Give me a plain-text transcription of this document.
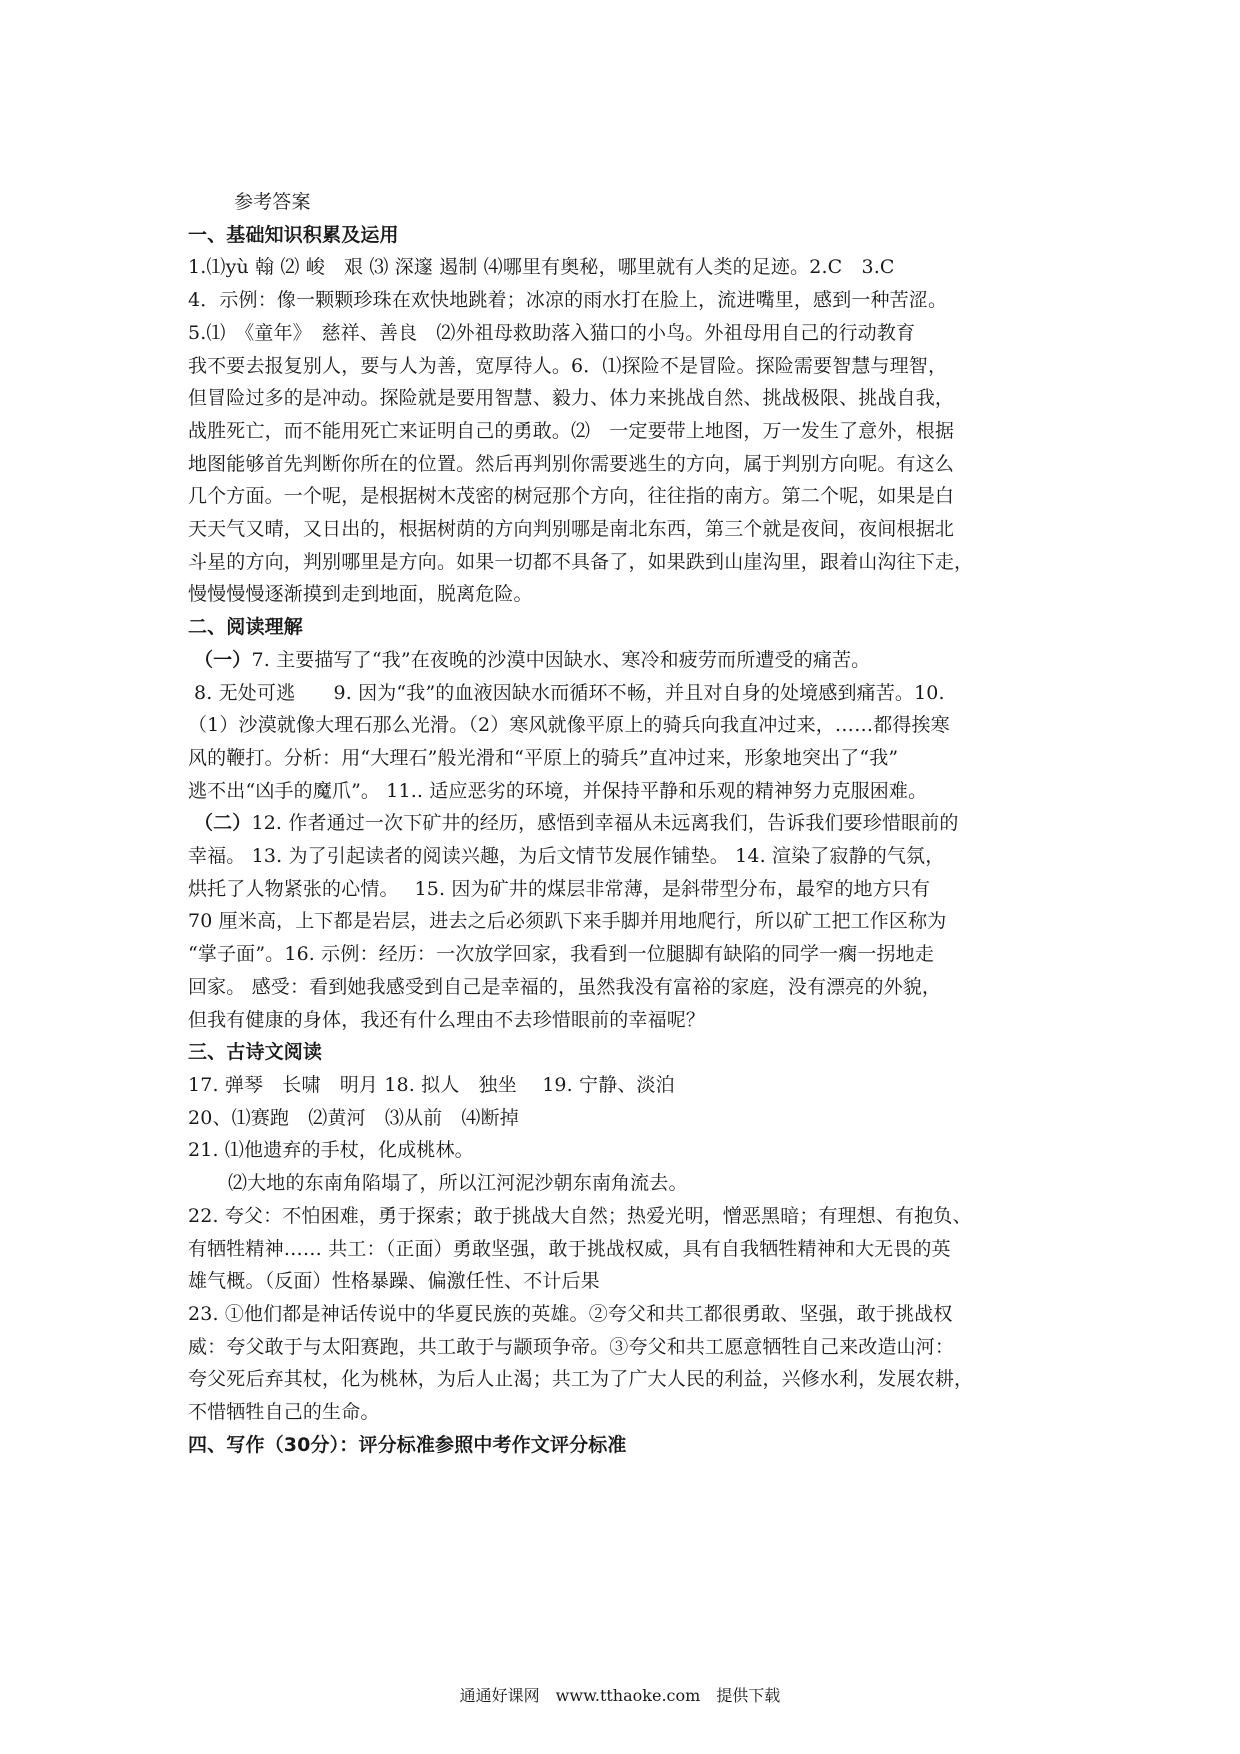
参考答案
一、基础知识积累及运用
1.⑴yù 翰 ⑵ 峻　艰 ⑶ 深邃 遏制 ⑷哪里有奥秘，哪里就有人类的足迹。2.C　3.C
4．示例：像一颗颗珍珠在欢快地跳着；冰凉的雨水打在脸上，流进嘴里，感到一种苦涩。
5.⑴　《童年》　慈祥、善良　⑵外祖母救助落入猫口的小鸟。外祖母用自己的行动教育
我不要去报复别人，要与人为善，宽厚待人。6．⑴探险不是冒险。探险需要智慧与理智，
但冒险过多的是冲动。探险就是要用智慧、毅力、体力来挑战自然、挑战极限、挑战自我，
战胜死亡，而不能用死亡来证明自己的勇敢。⑵　一定要带上地图，万一发生了意外，根据
地图能够首先判断你所在的位置。然后再判别你需要逃生的方向，属于判别方向呢。有这么
几个方面。一个呢，是根据树木茂密的树冠那个方向，往往指的南方。第二个呢，如果是白
天天气又晴，又日出的，根据树荫的方向判别哪是南北东西，第三个就是夜间，夜间根据北
斗星的方向，判别哪里是方向。如果一切都不具备了，如果跌到山崖沟里，跟着山沟往下走，
慢慢慢慢逐渐摸到走到地面，脱离危险。
二、阅读理解
（一）7. 主要描写了“我”在夜晚的沙漠中因缺水、寒冷和疲劳而所遭受的痛苦。
8. 无处可逃　　9. 因为“我”的血液因缺水而循环不畅，并且对自身的处境感到痛苦。10.
（1）沙漠就像大理石那么光滑。（2）寒风就像平原上的骑兵向我直冲过来，……都得挨寒
风的鞭打。分析：用“大理石”般光滑和“平原上的骑兵”直冲过来，形象地突出了“我”
逃不出“凶手的魔爪”。 11.. 适应恶劣的环境，并保持平静和乐观的精神努力克服困难。
（二）12. 作者通过一次下矿井的经历，感悟到幸福从未远离我们，告诉我们要珍惜眼前的
幸福。 13. 为了引起读者的阅读兴趣，为后文情节发展作铺垫。 14. 渲染了寂静的气氛，
烘托了人物紧张的心情。　 15. 因为矿井的煤层非常薄，是斜带型分布，最窄的地方只有
70 厘米高，上下都是岩层，进去之后必须趴下来手脚并用地爬行，所以矿工把工作区称为
“掌子面”。16. 示例：经历：一次放学回家，我看到一位腿脚有缺陷的同学一瘸一拐地走
回家。 感受：看到她我感受到自己是幸福的，虽然我没有富裕的家庭，没有漂亮的外貌，
但我有健康的身体，我还有什么理由不去珍惜眼前的幸福呢？
三、古诗文阅读
17. 弹琴　长啸　明月 18. 拟人　独坐　 19. 宁静、淡泊
20、⑴赛跑　⑵黄河　⑶从前　⑷断掉
21. ⑴他遗弃的手杖，化成桃林。
⑵大地的东南角陷塌了，所以江河泥沙朝东南角流去。
22. 夸父：不怕困难，勇于探索；敢于挑战大自然；热爱光明，憎恶黑暗；有理想、有抱负、
有牺牲精神…… 共工：（正面）勇敢坚强，敢于挑战权威，具有自我牺牲精神和大无畏的英
雄气概。（反面）性格暴躁、偏激任性、不计后果
23. ①他们都是神话传说中的华夏民族的英雄。②夸父和共工都很勇敢、坚强，敢于挑战权
威：夸父敢于与太阳赛跑，共工敢于与颛顼争帝。③夸父和共工愿意牺牲自己来改造山河：
夸父死后弃其杖，化为桃林，为后人止渴；共工为了广大人民的利益，兴修水利，发展农耕，
不惜牺牲自己的生命。
四、写作（30分）：评分标准参照中考作文评分标准
通通好课网　www.tthaoke.com　提供下载
